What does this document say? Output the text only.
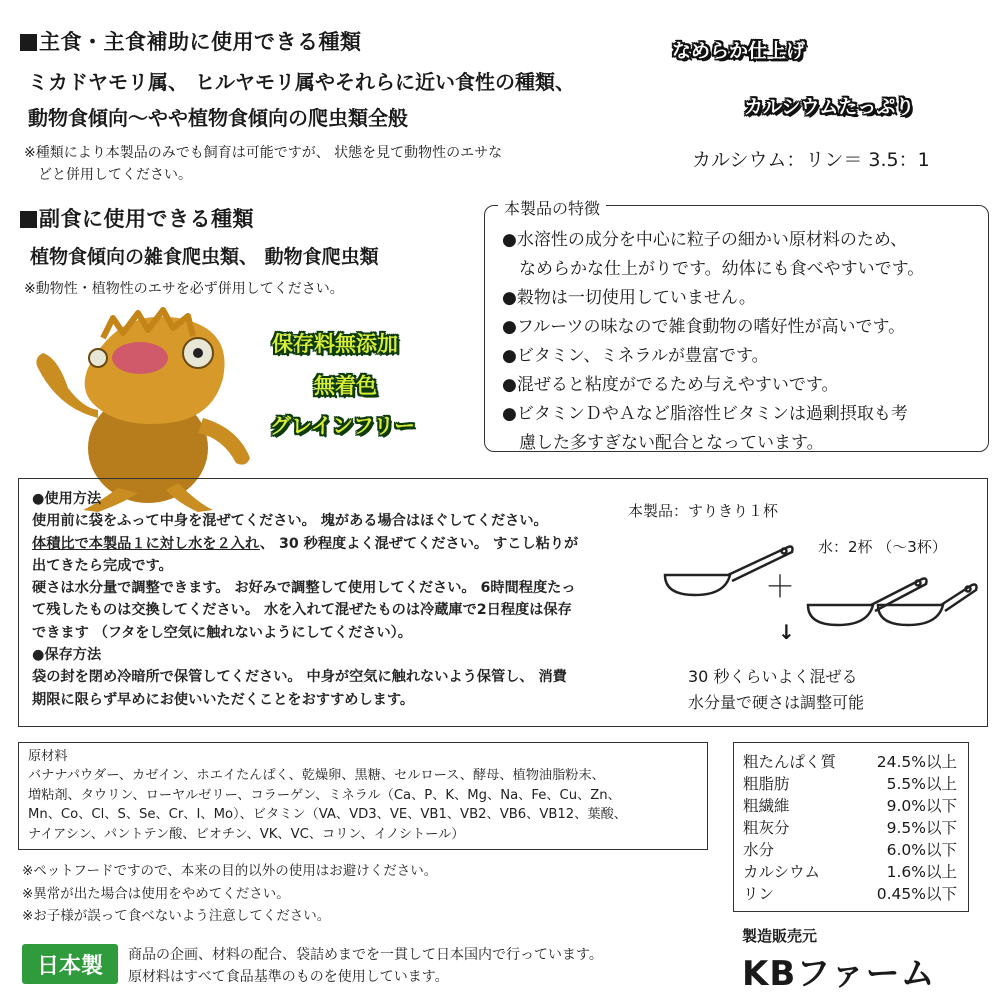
主食・主食補助に使用できる種類
ミカドヤモリ属、 ヒルヤモリ属やそれらに近い食性の種類、
動物食傾向～やや植物食傾向の爬虫類全般
※種類により本製品のみでも飼育は可能ですが、 状態を見て動物性のエサな
　どと併用してください。
副食に使用できる種類
植物食傾向の雑食爬虫類、 動物食爬虫類
※動物性・植物性のエサを必ず併用してください。
なめらか仕上げ
カルシウムたっぷり
カルシウム：リン＝ 3.5：1
保存料無添加
無着色
グレインフリー
本製品の特徴
●水溶性の成分を中心に粒子の細かい原材料のため、
　なめらかな仕上がりです。幼体にも食べやすいです。
●穀物は一切使用していません。
●フルーツの味なので雑食動物の嗜好性が高いです。
●ビタミン、ミネラルが豊富です。
●混ぜると粘度がでるため与えやすいです。
●ビタミンＤやＡなど脂溶性ビタミンは過剰摂取も考
　慮した多すぎない配合となっています。
●使用方法
使用前に袋をふって中身を混ぜてください。 塊がある場合はほぐしてください。
体積比で本製品１に対し水を２入れ、 30 秒程度よく混ぜてください。 すこし粘りが
出てきたら完成です。
硬さは水分量で調整できます。 お好みで調整して使用してください。 6時間程度たっ
て残したものは交換してください。 水を入れて混ぜたものは冷蔵庫で2日程度は保存
できます （フタをし空気に触れないようにしてください）。
●保存方法
袋の封を閉め冷暗所で保管してください。 中身が空気に触れないよう保管し、 消費
期限に限らず早めにお使いいただくことをおすすめします。
本製品：すりきり１杯
水：2杯 （～3杯）
＋
↓
30 秒くらいよく混ぜる
水分量で硬さは調整可能
原材料
バナナパウダー、カゼイン、ホエイたんぱく、乾燥卵、黒糖、セルロース、酵母、植物油脂粉末、
増粘剤、タウリン、ローヤルゼリー、コラーゲン、ミネラル（Ca、P、K、Mg、Na、Fe、Cu、Zn、
Mn、Co、Cl、S、Se、Cr、I、Mo）、ビタミン（VA、VD3、VE、VB1、VB2、VB6、VB12、葉酸、
ナイアシン、パントテン酸、ビオチン、VK、VC、コリン、イノシトール）
粗たんぱく質	24.5%以上
粗脂肪	5.5%以上
粗繊維	9.0%以下
粗灰分	9.5%以下
水分	6.0%以下
カルシウム	1.6%以上
リン	0.45%以下
※ペットフードですので、本来の目的以外の使用はお避けください。
※異常が出た場合は使用をやめてください。
※お子様が誤って食べないよう注意してください。
日本製	商品の企画、材料の配合、袋詰めまでを一貫して日本国内で行っています。
原材料はすべて食品基準のものを使用しています。
製造販売元
KBファーム
